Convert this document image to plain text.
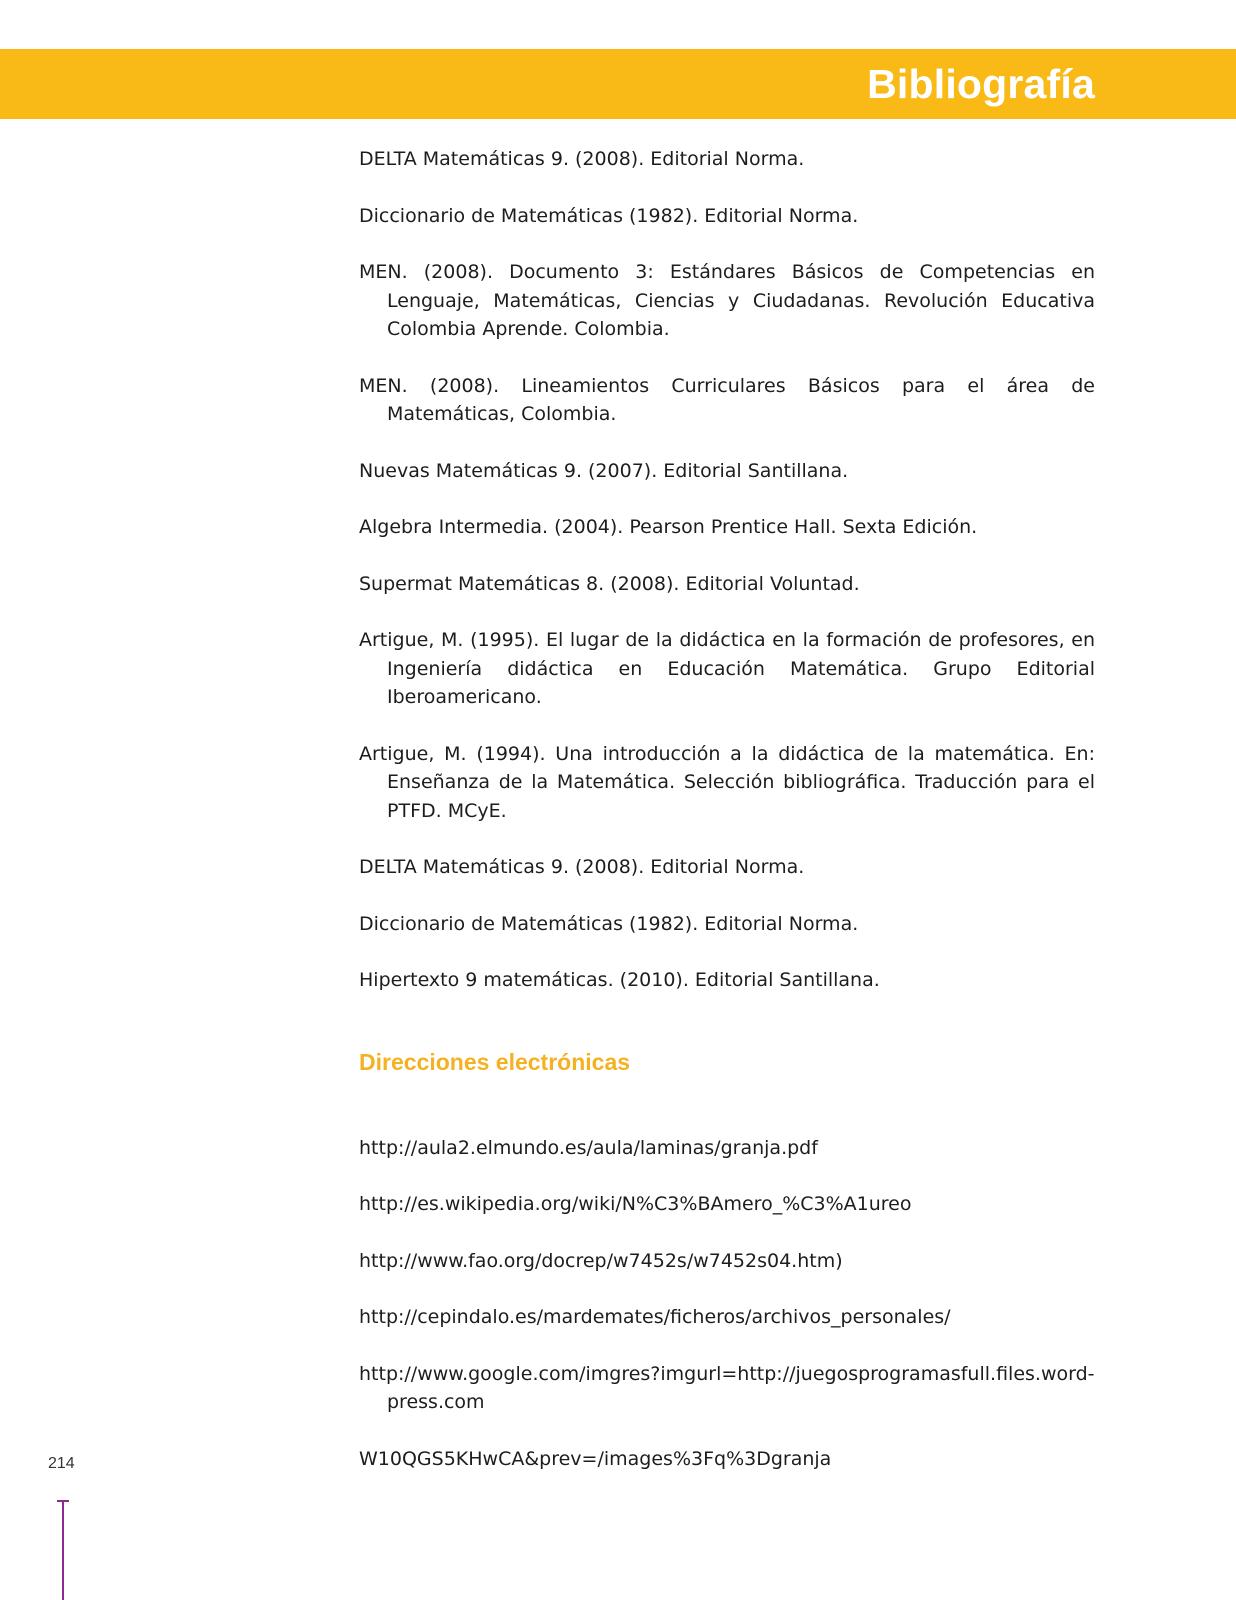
Bibliografía
DELTA Matemáticas 9. (2008). Editorial Norma.
Diccionario de Matemáticas (1982). Editorial Norma.
MEN. (2008). Documento 3: Estándares Básicos de Competencias en Lenguaje, Matemáticas, Ciencias y Ciudadanas. Revolución Educativa Colombia Aprende. Colombia.
MEN. (2008). Lineamientos Curriculares Básicos para el área de Matemáticas, Colombia.
Nuevas Matemáticas 9. (2007). Editorial Santillana.
Algebra Intermedia. (2004). Pearson Prentice Hall. Sexta Edición.
Supermat Matemáticas 8. (2008). Editorial Voluntad.
Artigue, M. (1995). El lugar de la didáctica en la formación de profesores, en Ingeniería didáctica en Educación Matemática. Grupo Editorial Iberoamericano.
Artigue, M. (1994). Una introducción a la didáctica de la matemática. En: Enseñanza de la Matemática. Selección bibliográfica. Traducción para el PTFD. MCyE.
DELTA Matemáticas 9. (2008). Editorial Norma.
Diccionario de Matemáticas (1982). Editorial Norma.
Hipertexto 9 matemáticas. (2010). Editorial Santillana.
Direcciones electrónicas
http://aula2.elmundo.es/aula/laminas/granja.pdf
http://es.wikipedia.org/wiki/N%C3%BAmero_%C3%A1ureo
http://www.fao.org/docrep/w7452s/w7452s04.htm)
http://cepindalo.es/mardemates/ficheros/archivos_personales/
http://www.google.com/imgres?imgurl=http://juegosprogramasfull.files.wordpress.com
W10QGS5KHwCA&prev=/images%3Fq%3Dgranja
214
